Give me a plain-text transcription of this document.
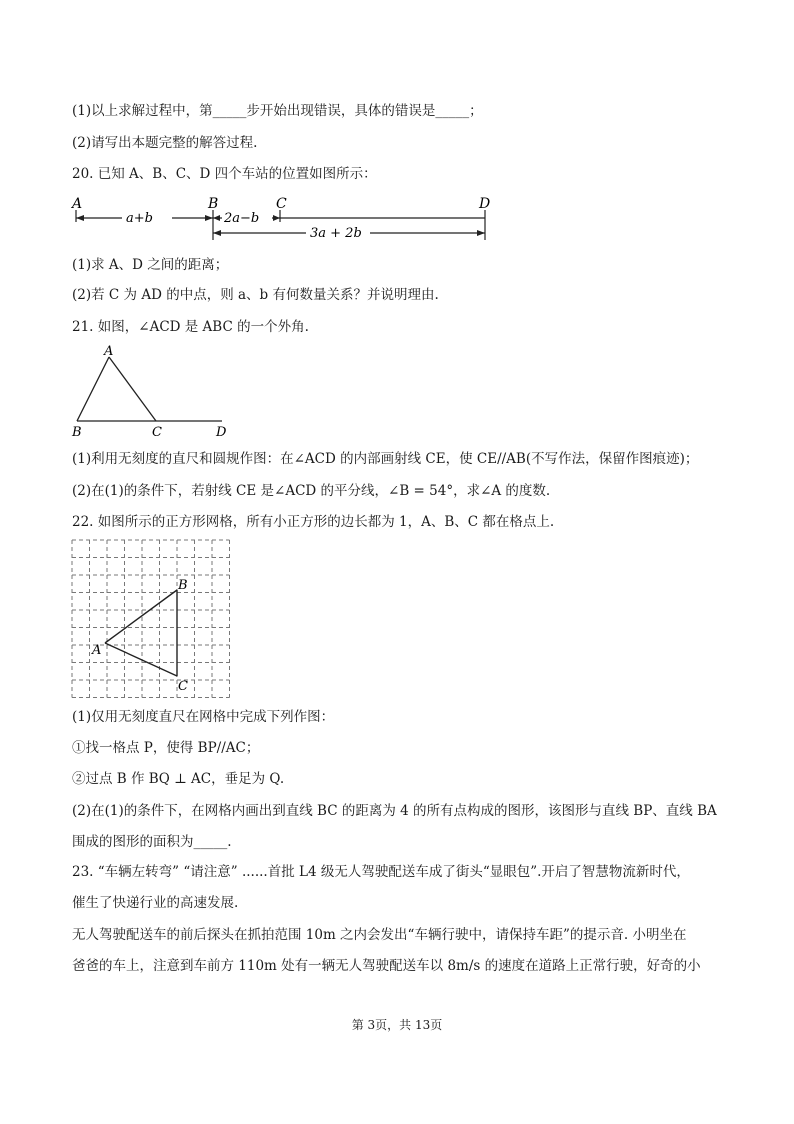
(1)以上求解过程中，第_____步开始出现错误，具体的错误是_____；
(2)请写出本题完整的解答过程.
20. 已知 A、B、C、D 四个车站的位置如图所示：
A	B	C	D
a+b	2a−b
3a + 2b
(1)求 A、D 之间的距离；
(2)若 C 为 AD 的中点，则 a、b 有何数量关系？并说明理由.
21. 如图，∠ACD 是 ABC 的一个外角.
A
B	C	D
(1)利用无刻度的直尺和圆规作图：在∠ACD 的内部画射线 CE，使 CE//AB(不写作法，保留作图痕迹)；
(2)在(1)的条件下，若射线 CE 是∠ACD 的平分线，∠B = 54°，求∠A 的度数.
22. 如图所示的正方形网格，所有小正方形的边长都为 1，A、B、C 都在格点上.
B
A
C
(1)仅用无刻度直尺在网格中完成下列作图：
①找一格点 P，使得 BP//AC；
②过点 B 作 BQ ⊥ AC，垂足为 Q.
(2)在(1)的条件下，在网格内画出到直线 BC 的距离为 4 的所有点构成的图形，该图形与直线 BP、直线 BA
围成的图形的面积为_____.
23. “车辆左转弯” “请注意” ......首批 L4 级无人驾驶配送车成了街头“显眼包”.开启了智慧物流新时代，
催生了快递行业的高速发展.
无人驾驶配送车的前后探头在抓拍范围 10m 之内会发出“车辆行驶中，请保持车距”的提示音. 小明坐在
爸爸的车上，注意到车前方 110m 处有一辆无人驾驶配送车以 8m/s 的速度在道路上正常行驶，好奇的小
第 3页，共 13页
